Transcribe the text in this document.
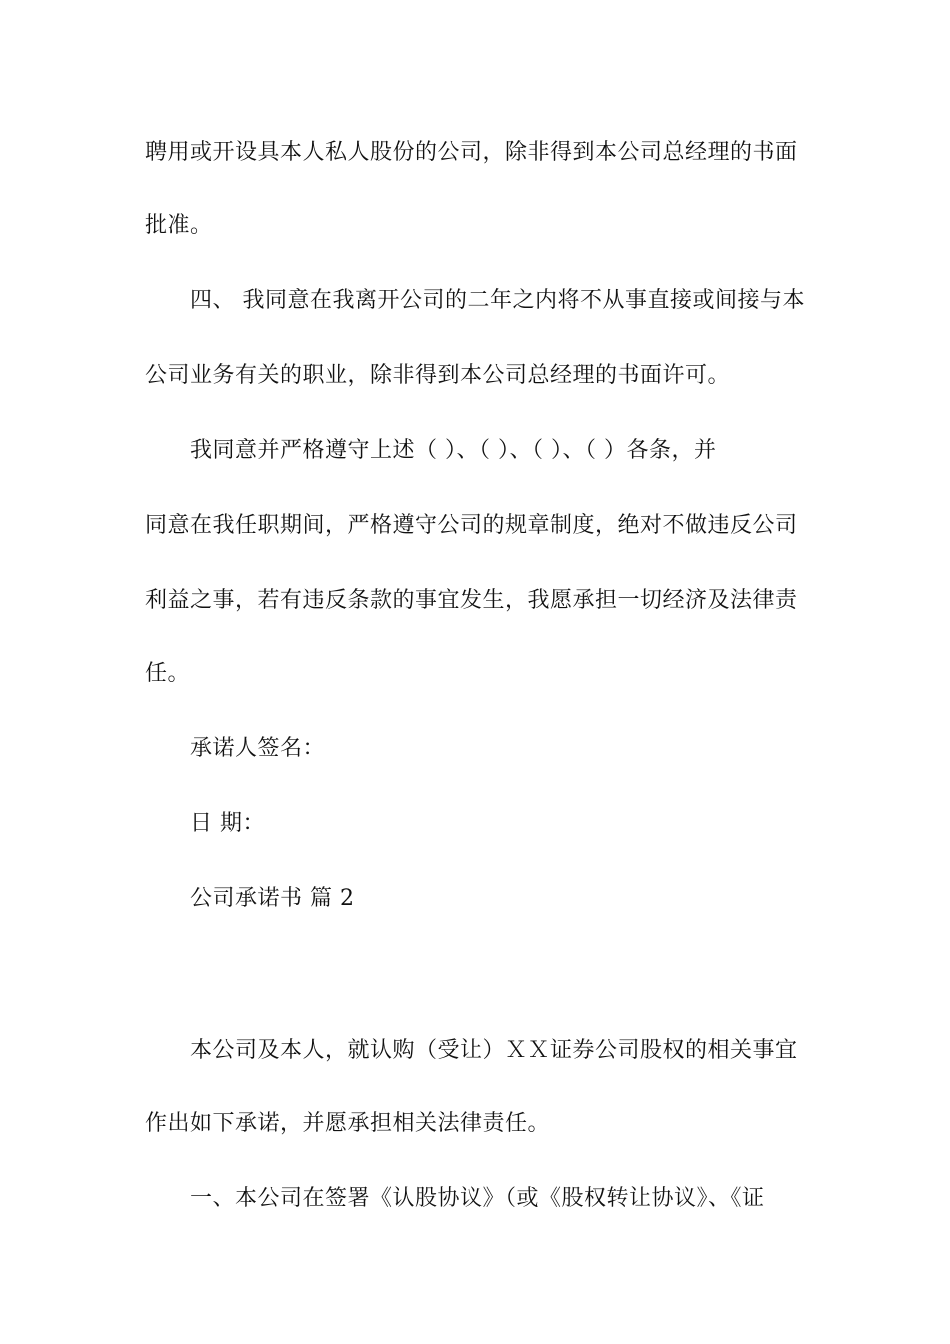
聘用或开设具本人私人股份的公司，除非得到本公司总经理的书面
批准。
四、 我同意在我离开公司的二年之内将不从事直接或间接与本
公司业务有关的职业，除非得到本公司总经理的书面许可。
我同意并严格遵守上述（ ）、（ ）、（ ）、（ ）各条，并
同意在我任职期间，严格遵守公司的规章制度，绝对不做违反公司
利益之事，若有违反条款的事宜发生，我愿承担一切经济及法律责
任。
承诺人签名：
日 期：
公司承诺书 篇 2
本公司及本人，就认购（受让）ＸＸ证券公司股权的相关事宜
作出如下承诺，并愿承担相关法律责任。
一、本公司在签署《认股协议》（或《股权转让协议》、《证
